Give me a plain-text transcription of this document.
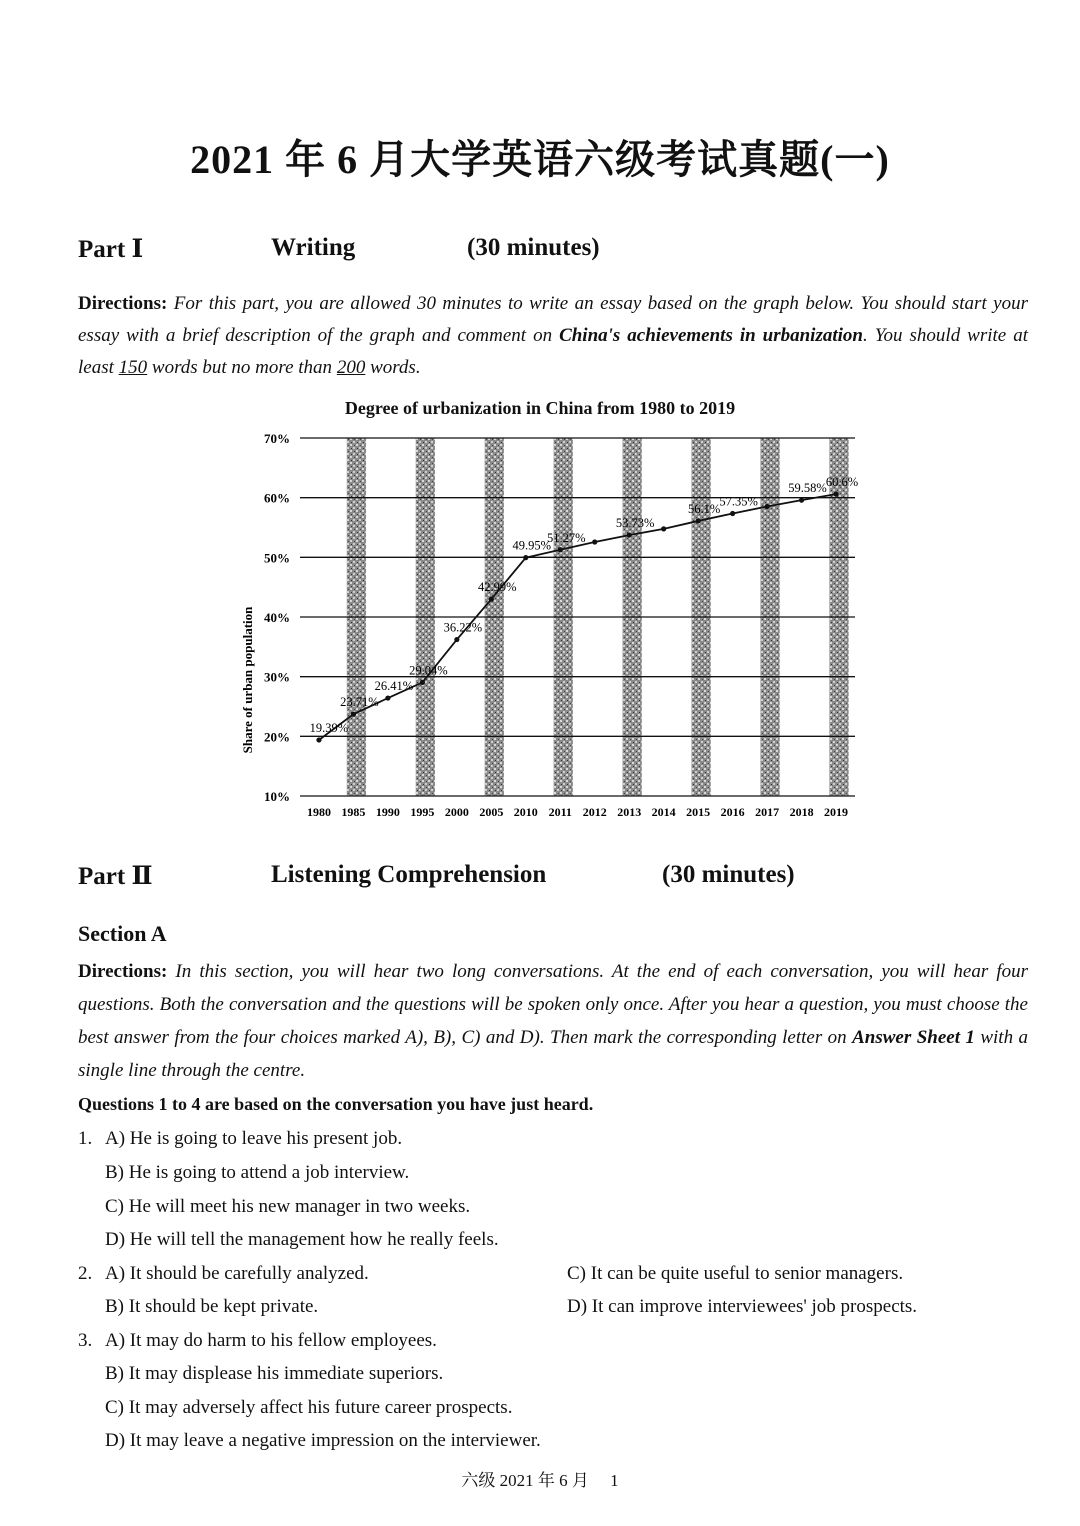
2021 年 6 月大学英语六级考试真题(一)
Part Ⅰ	Writing	(30 minutes)
Directions: For this part, you are allowed 30 minutes to write an essay based on the graph below. You should start your essay with a brief description of the graph and comment on China's achievements in urbanization. You should write at least 150 words but no more than 200 words.
Degree of urbanization in China from 1980 to 2019
19.39%
23.71%
26.41%
29.04%
36.22%
42.99%
49.95%
51.27%
53.73%
56.1%
57.35%
59.58% 60.6%
10%
20%
30%
40%
50%
60%
70%
1980 1985 1990 1995 2000 2005 2010 2011 2012 2013 2014 2015 2016 2017 2018 2019
Share of urban population
Part Ⅱ	Listening Comprehension	(30 minutes)
Section A
Directions: In this section, you will hear two long conversations. At the end of each conversation, you will hear four questions. Both the conversation and the questions will be spoken only once. After you hear a question, you must choose the best answer from the four choices marked A), B), C) and D). Then mark the corresponding letter on Answer Sheet 1 with a single line through the centre.
Questions 1 to 4 are based on the conversation you have just heard.
1. A) He is going to leave his present job.
B) He is going to attend a job interview.
C) He will meet his new manager in two weeks.
D) He will tell the management how he really feels.
2. A) It should be carefully analyzed.
B) It should be kept private.
C) It can be quite useful to senior managers.
D) It can improve interviewees' job prospects.
3. A) It may do harm to his fellow employees.
B) It may displease his immediate superiors.
C) It may adversely affect his future career prospects.
D) It may leave a negative impression on the interviewer.
六级 2021 年 6 月　 1
